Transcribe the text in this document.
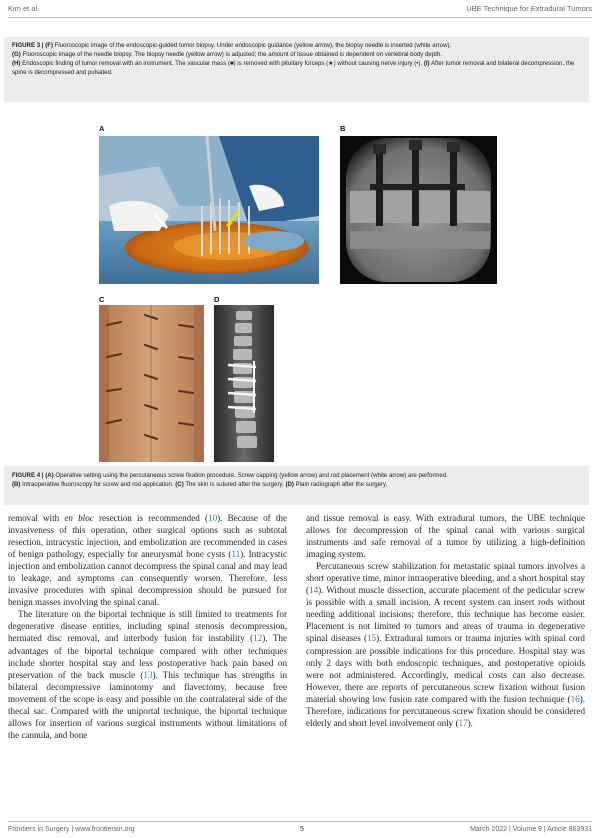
Kim et al.	UBE Technique for Extradural Tumors
FIGURE 3 | (F) Fluoroscopic image of the endoscopic-guided tumor biopsy. Under endoscopic guidance (yellow arrow), the biopsy needle is inserted (white arrow).
(G) Fluoroscopic image of the needle biopsy. The biopsy needle (yellow arrow) is adjusted; the amount of tissue obtained is dependent on vertebral body depth.
(H) Endoscopic finding of tumor removal with an instrument. The vascular mass (■) is removed with pituitary forceps (★) without causing nerve injury (•). (I) After tumor removal and bilateral decompression, the spine is decompressed and pulsated.
A	B
C	D
FIGURE 4 | (A) Operative setting using the percutaneous screw fixation procedure. Screw capping (yellow arrow) and rod placement (white arrow) are performed.
(B) Intraoperative fluoroscopy for screw and rod application. (C) The skin is sutured after the surgery. (D) Plain radiograph after the surgery.

removal with en bloc resection is recommended (10). Because of the invasiveness of this operation, other surgical options such as subtotal resection, intracystic injection, and embolization are recommended in cases of benign pathology, especially for aneurysmal bone cysts (11). Intracystic injection and embolization cannot decompress the spinal canal and may lead to leakage, and symptoms can consequently worsen. Therefore, less invasive procedures with spinal decompression should be pursued for benign masses involving the spinal canal.

The literature on the biportal technique is still limited to treatments for degenerative disease entities, including spinal stenosis decompression, herniated disc removal, and interbody fusion for instability (12). The advantages of the biportal technique compared with other techniques include shorter hospital stay and less postoperative back pain based on preservation of the back muscle (13). This technique has strengths in bilateral decompressive laminotomy and flavectomy, because free movement of the scope is easy and possible on the contralateral side of the thecal sac. Compared with the uniportal technique, the biportal technique allows for insertion of various surgical instruments without limitations of the cannula, and bone

and tissue removal is easy. With extradural tumors, the UBE technique allows for decompression of the spinal canal with various surgical instruments and safe removal of a tumor by utilizing a high-definition imaging system.

Percutaneous screw stabilization for metastatic spinal tumors involves a short operative time, minor intraoperative bleeding, and a short hospital stay (14). Without muscle dissection, accurate placement of the pedicular screw is possible with a small incision. A recent system can insert rods without needing additional incisions; therefore, this technique has become easier. Placement is not limited to tumors and areas of trauma in degenerative spinal diseases (15). Extradural tumors or trauma injuries with spinal cord compression are possible indications for this procedure. Hospital stay was only 2 days with both endoscopic techniques, and postoperative opioids were not administered. Accordingly, medical costs can also decrease. However, there are reports of percutaneous screw fixation without fusion material showing low fusion rate compared with the fusion technique (16). Therefore, indications for percutaneous screw fixation should be considered elderly and short level involvement only (17).

Frontiers in Surgery | www.frontiersin.org	5	March 2022 | Volume 9 | Article 863931
